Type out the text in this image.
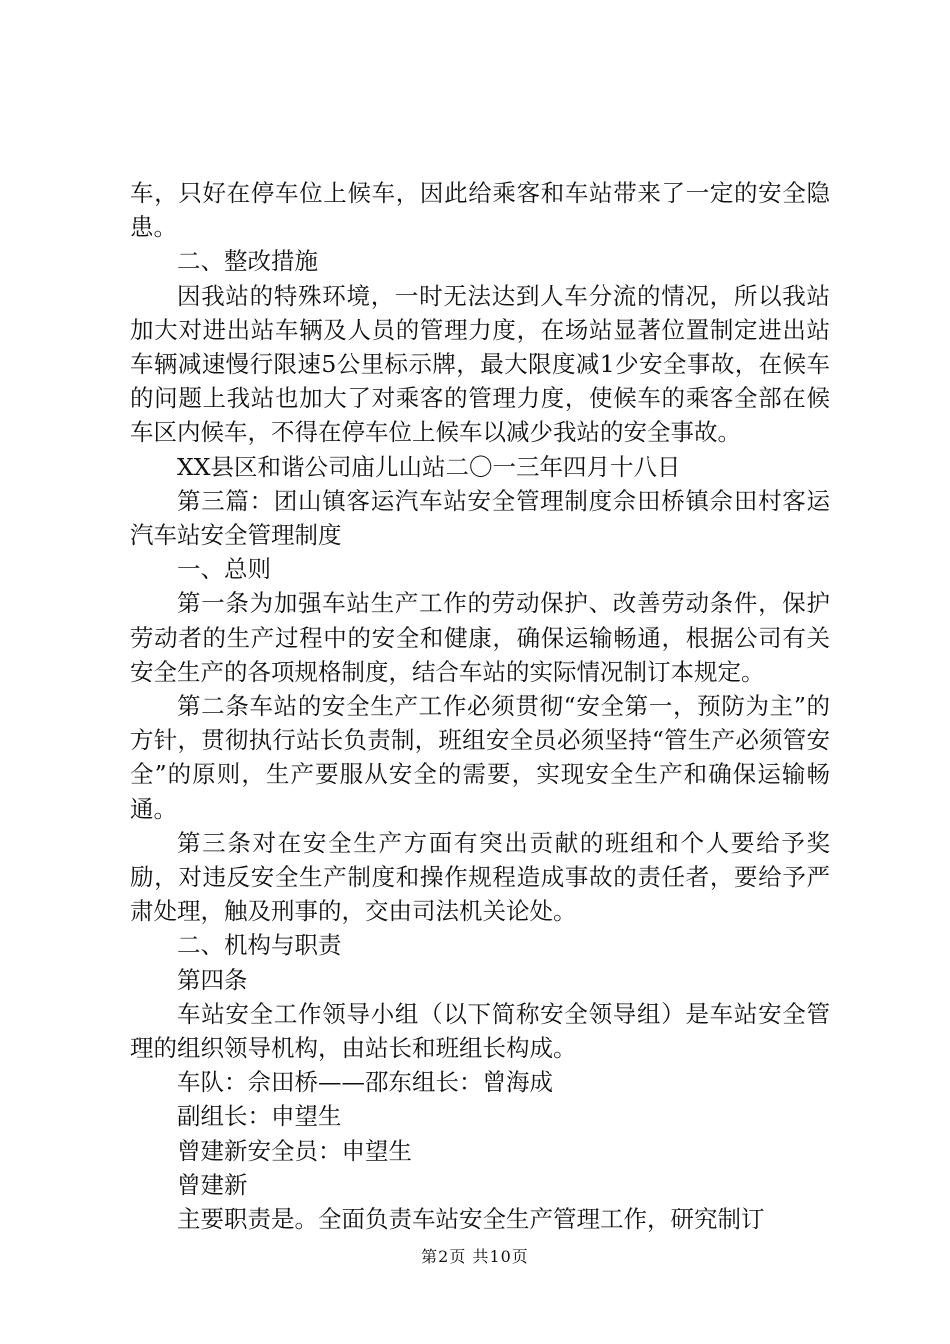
车，只好在停车位上候车，因此给乘客和车站带来了一定的安全隐患。

二、整改措施

因我站的特殊环境，一时无法达到人车分流的情况，所以我站加大对进出站车辆及人员的管理力度，在场站显著位置制定进出站车辆减速慢行限速5公里标示牌，最大限度减1少安全事故，在候车的问题上我站也加大了对乘客的管理力度，使候车的乘客全部在候车区内候车，不得在停车位上候车以减少我站的安全事故。

XX县区和谐公司庙儿山站二〇一三年四月十八日

第三篇：团山镇客运汽车站安全管理制度佘田桥镇佘田村客运汽车站安全管理制度

一、总则

第一条为加强车站生产工作的劳动保护、改善劳动条件，保护劳动者的生产过程中的安全和健康，确保运输畅通，根据公司有关安全生产的各项规格制度，结合车站的实际情况制订本规定。

第二条车站的安全生产工作必须贯彻“安全第一，预防为主”的方针，贯彻执行站长负责制，班组安全员必须坚持“管生产必须管安全”的原则，生产要服从安全的需要，实现安全生产和确保运输畅通。

第三条对在安全生产方面有突出贡献的班组和个人要给予奖励，对违反安全生产制度和操作规程造成事故的责任者，要给予严肃处理，触及刑事的，交由司法机关论处。

二、机构与职责

第四条

车站安全工作领导小组（以下简称安全领导组）是车站安全管理的组织领导机构，由站长和班组长构成。

车队：佘田桥——邵东组长：曾海成

副组长：申望生

曾建新安全员：申望生

曾建新

主要职责是。全面负责车站安全生产管理工作，研究制订

第2页 共10页
